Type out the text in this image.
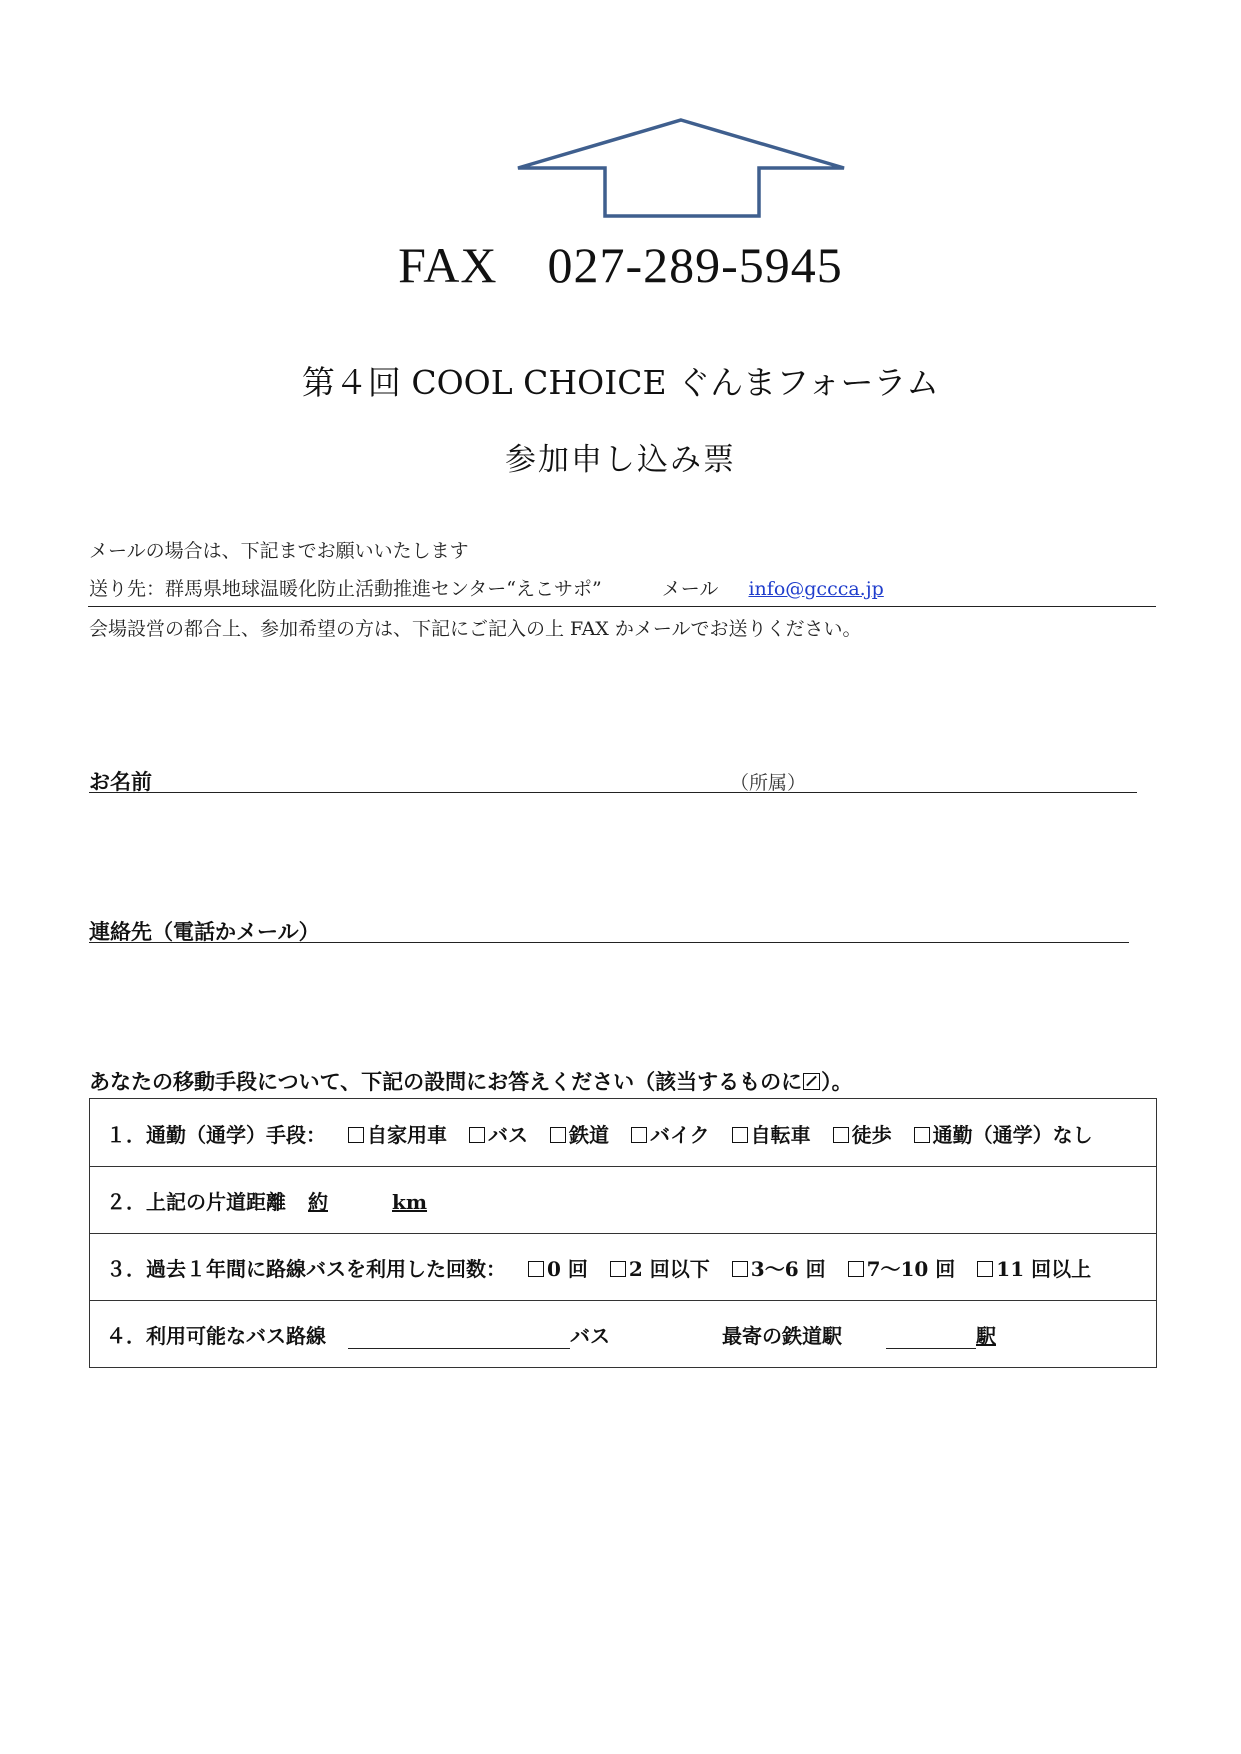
FAX 027-289-5945
第４回 COOL CHOICE ぐんまフォーラム
参加申し込み票
メールの場合は、下記までお願いいたします
送り先：群馬県地球温暖化防止活動推進センター“えこサポ”	メール info@gccca.jp
会場設営の都合上、参加希望の方は、下記にご記入の上 FAX かメールでお送りください。
お名前	（所属）
連絡先（電話かメール）
あなたの移動手段について、下記の設問にお答えください（該当するものに ）。
１．通勤（通学）手段： 自家用車 バス 鉄道 バイク 自転車 徒歩 通勤（通学）なし
２．上記の片道距離 約	km
３．過去１年間に路線バスを利用した回数： 0 回 2 回以下 3～6 回 7～10 回 11 回以上
４．利用可能なバス路線	バス	最寄の鉄道駅	駅
